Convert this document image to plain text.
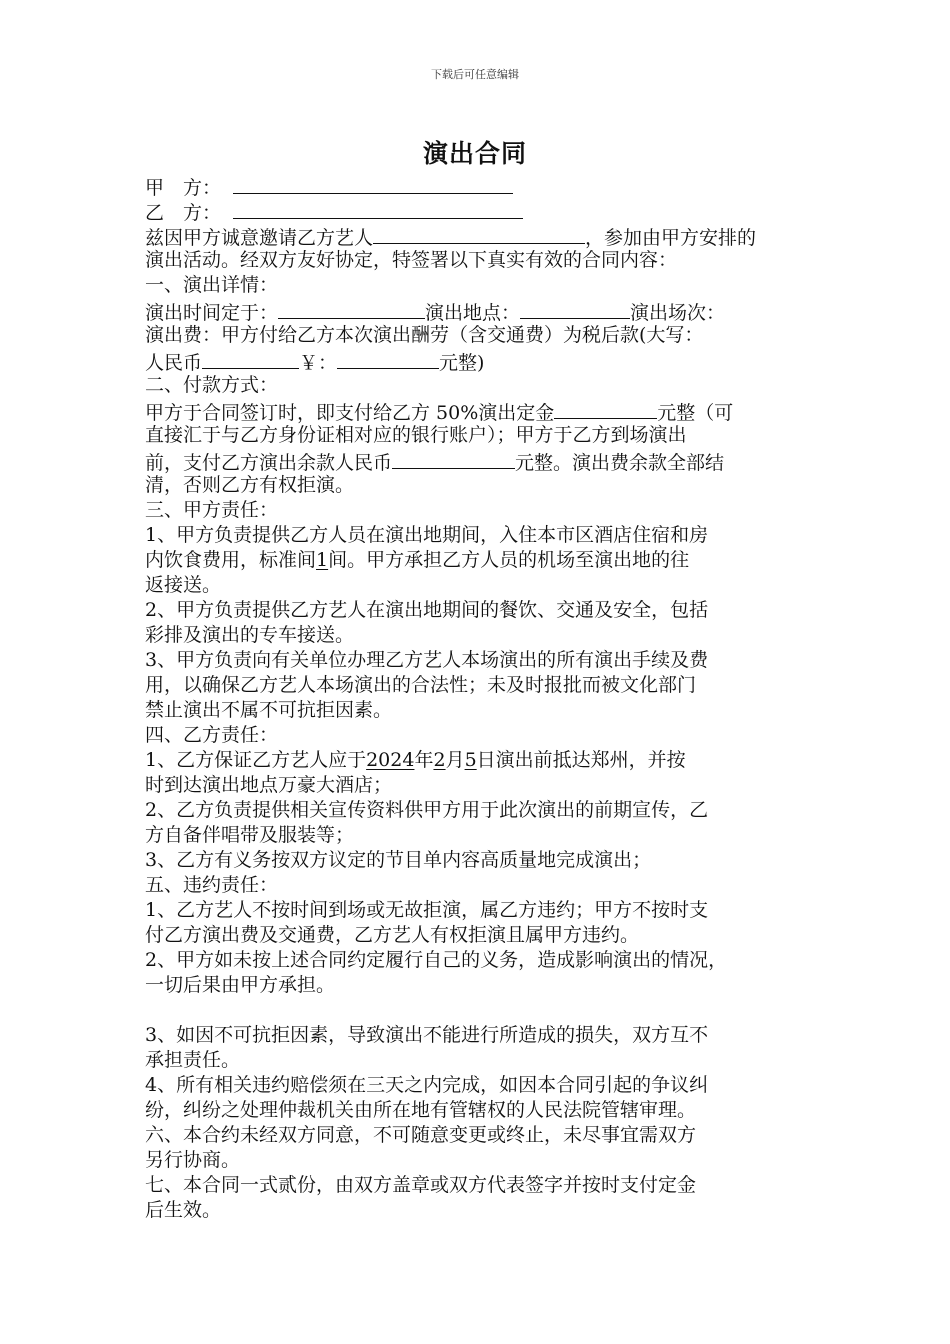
下载后可任意编辑
演出合同
甲　方：
乙　方：
兹因甲方诚意邀请乙方艺人	，参加由甲方安排的
演出活动。经双方友好协定，特签署以下真实有效的合同内容：
一、演出详情：
演出时间定于：	演出地点：	演出场次：
演出费：甲方付给乙方本次演出酬劳（含交通费）为税后款(大写：
人民币	￥：	元整)
二、付款方式：
甲方于合同签订时，即支付给乙方 50%演出定金	元整（可
直接汇于与乙方身份证相对应的银行账户）；甲方于乙方到场演出
前，支付乙方演出余款人民币	元整。演出费余款全部结
清，否则乙方有权拒演。
三、甲方责任：
1、甲方负责提供乙方人员在演出地期间，入住本市区酒店住宿和房
内饮食费用，标准间1间。甲方承担乙方人员的机场至演出地的往
返接送。
2、甲方负责提供乙方艺人在演出地期间的餐饮、交通及安全，包括
彩排及演出的专车接送。
3、甲方负责向有关单位办理乙方艺人本场演出的所有演出手续及费
用，以确保乙方艺人本场演出的合法性；未及时报批而被文化部门
禁止演出不属不可抗拒因素。
四、乙方责任：
1、乙方保证乙方艺人应于2024年2月5日演出前抵达郑州，并按
时到达演出地点万豪大酒店；
2、乙方负责提供相关宣传资料供甲方用于此次演出的前期宣传，乙
方自备伴唱带及服装等；
3、乙方有义务按双方议定的节目单内容高质量地完成演出；
五、违约责任：
1、乙方艺人不按时间到场或无故拒演，属乙方违约；甲方不按时支
付乙方演出费及交通费，乙方艺人有权拒演且属甲方违约。
2、甲方如未按上述合同约定履行自己的义务，造成影响演出的情况，
一切后果由甲方承担。
3、如因不可抗拒因素，导致演出不能进行所造成的损失，双方互不
承担责任。
4、所有相关违约赔偿须在三天之内完成，如因本合同引起的争议纠
纷，纠纷之处理仲裁机关由所在地有管辖权的人民法院管辖审理。
六、本合约未经双方同意，不可随意变更或终止，未尽事宜需双方
另行协商。
七、本合同一式贰份，由双方盖章或双方代表签字并按时支付定金
后生效。
